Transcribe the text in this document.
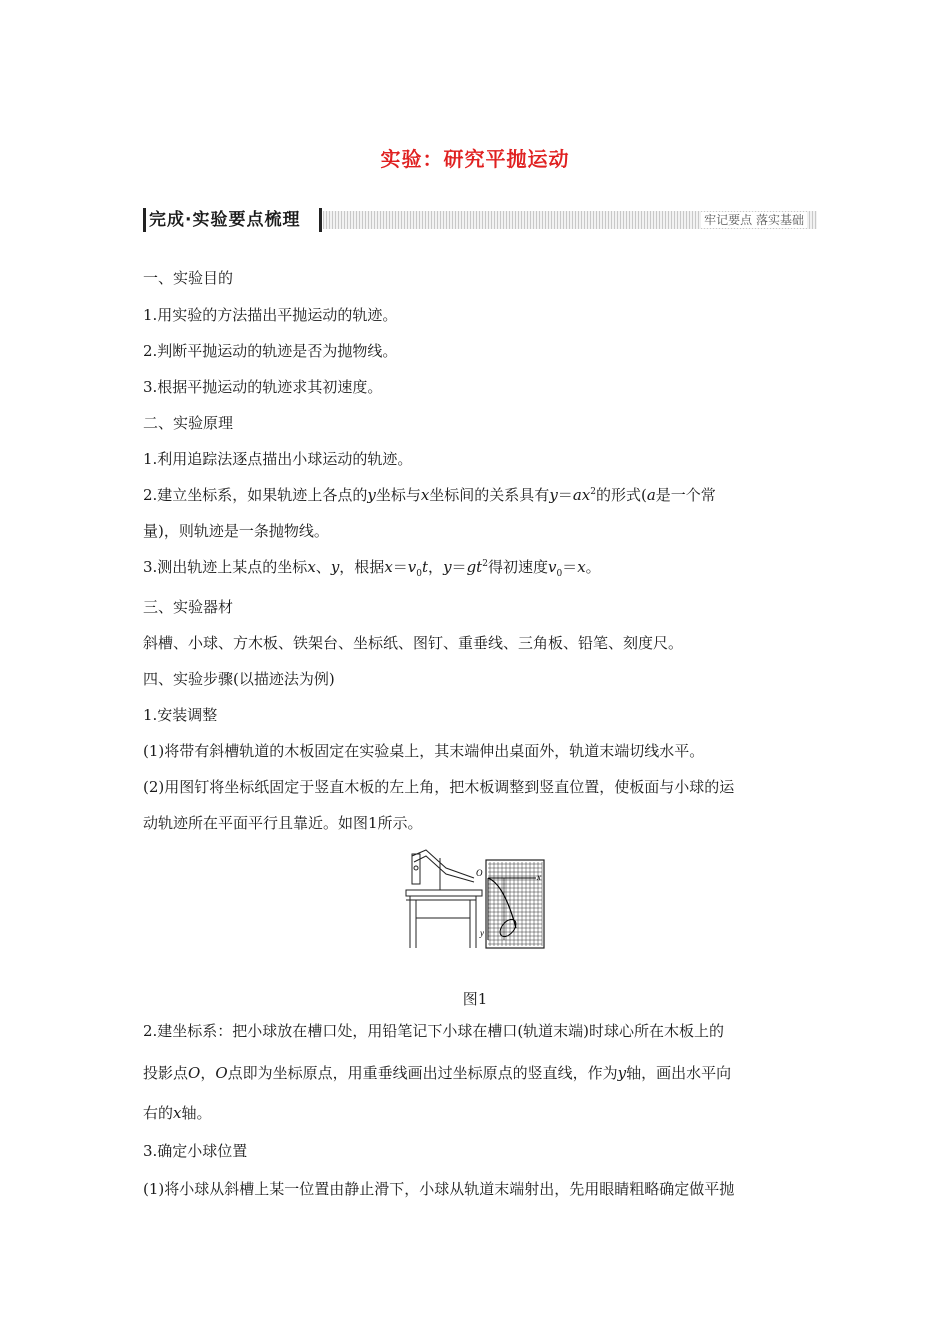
实验：研究平抛运动
完成·实验要点梳理	牢记要点 落实基础
一、实验目的
1.用实验的方法描出平抛运动的轨迹。
2.判断平抛运动的轨迹是否为抛物线。
3.根据平抛运动的轨迹求其初速度。
二、实验原理
1.利用追踪法逐点描出小球运动的轨迹。
2.建立坐标系，如果轨迹上各点的y坐标与x坐标间的关系具有$y=ax^2$的形式(a是一个常
量)，则轨迹是一条抛物线。
3.测出轨迹上某点的坐标x、y，根据$x=v_0t$，$y=gt^2$得初速度$v_0=x$。
三、实验器材
斜槽、小球、方木板、铁架台、坐标纸、图钉、重垂线、三角板、铅笔、刻度尺。
四、实验步骤(以描迹法为例)
1.安装调整
(1)将带有斜槽轨道的木板固定在实验桌上，其末端伸出桌面外，轨道末端切线水平。
(2)用图钉将坐标纸固定于竖直木板的左上角，把木板调整到竖直位置，使板面与小球的运
动轨迹所在平面平行且靠近。如图1所示。
O	x
y
图1
2.建坐标系：把小球放在槽口处，用铅笔记下小球在槽口(轨道末端)时球心所在木板上的
投影点O，O点即为坐标原点，用重垂线画出过坐标原点的竖直线，作为y轴，画出水平向
右的x轴。
3.确定小球位置
(1)将小球从斜槽上某一位置由静止滑下，小球从轨道末端射出，先用眼睛粗略确定做平抛
